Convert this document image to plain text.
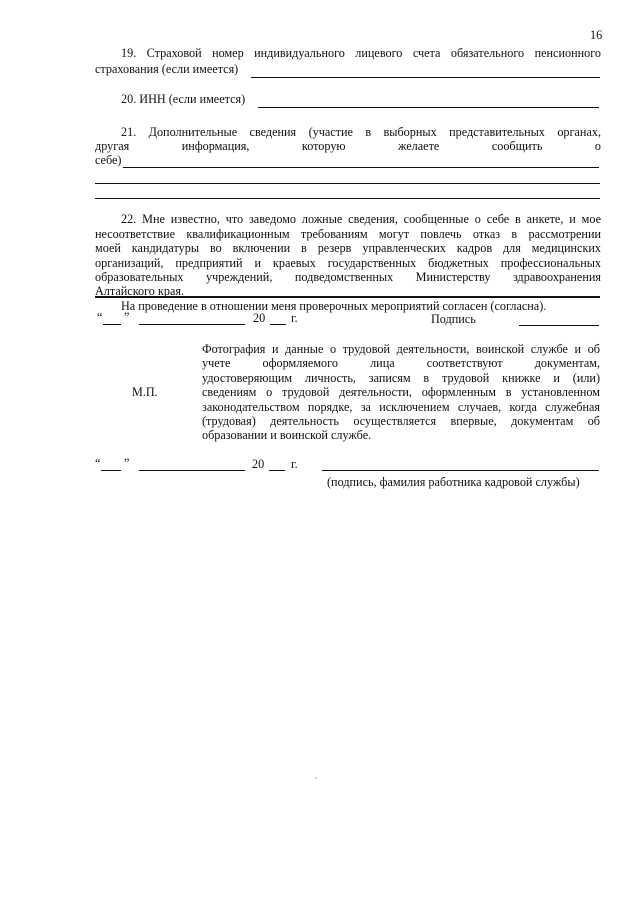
16
19. Страховой номер индивидуального лицевого счета обязательного пенсионного
страхования (если имеется)
20. ИНН (если имеется)
21. Дополнительные сведения (участие в выборных представительных органах,
другая информация, которую желаете сообщить о
себе)
22. Мне известно, что заведомо ложные сведения, сообщенные о себе в анкете, и мое
несоответствие квалификационным требованиям могут повлечь отказ в рассмотрении
моей кандидатуры во включении в резерв управленческих кадров для медицинских
организаций, предприятий и краевых государственных бюджетных профессиональных
образовательных учреждений, подведомственных Министерству здравоохранения
Алтайского края.
На проведение в отношении меня проверочных мероприятий согласен (согласна).
“ ”	20 г.	Подпись
М.П.
Фотография и данные о трудовой деятельности, воинской службе и об
учете оформляемого лица соответствуют документам,
удостоверяющим личность, записям в трудовой книжке и (или)
сведениям о трудовой деятельности, оформленным в установленном
законодательством порядке, за исключением случаев, когда служебная
(трудовая) деятельность осуществляется впервые, документам об
образовании и воинской службе.
“ ”	20 г.
(подпись, фамилия работника кадровой службы)
